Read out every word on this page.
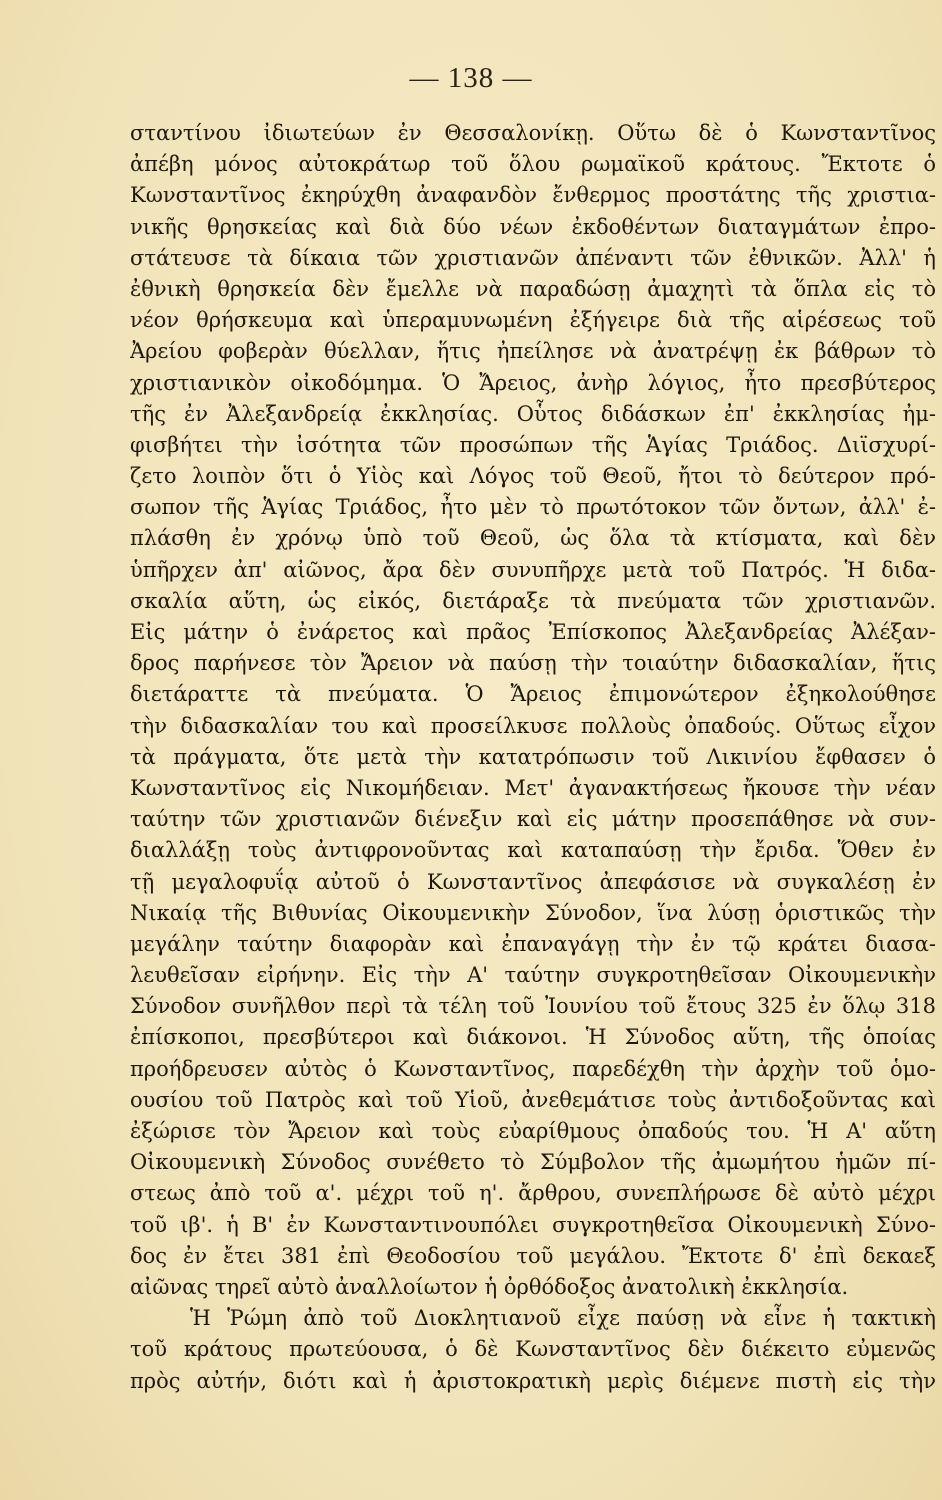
— 138 —
σταντίνου ἰδιωτεύων ἐν Θεσσαλονίκῃ. Οὕτω δὲ ὁ Κωνσταντῖνος
ἀπέβη μόνος αὐτοκράτωρ τοῦ ὅλου ρωμαϊκοῦ κράτους. Ἔκτοτε ὁ
Κωνσταντῖνος ἐκηρύχθη ἀναφανδὸν ἔνθερμος προστάτης τῆς χριστια-
νικῆς θρησκείας καὶ διὰ δύο νέων ἐκδοθέντων διαταγμάτων ἐπρο-
στάτευσε τὰ δίκαια τῶν χριστιανῶν ἀπέναντι τῶν ἐθνικῶν. Ἀλλ' ἡ
ἐθνικὴ θρησκεία δὲν ἔμελλε νὰ παραδώσῃ ἀμαχητὶ τὰ ὅπλα εἰς τὸ
νέον θρήσκευμα καὶ ὑπεραμυνωμένη ἐξήγειρε διὰ τῆς αἱρέσεως τοῦ
Ἀρείου φοβερὰν θύελλαν, ἥτις ἠπείλησε νὰ ἀνατρέψῃ ἐκ βάθρων τὸ
χριστιανικὸν οἰκοδόμημα. Ὁ Ἄρειος, ἀνὴρ λόγιος, ἦτο πρεσβύτερος
τῆς ἐν Ἀλεξανδρείᾳ ἐκκλησίας. Οὗτος διδάσκων ἐπ' ἐκκλησίας ἠμ-
φισβήτει τὴν ἰσότητα τῶν προσώπων τῆς Ἁγίας Τριάδος. Διϊσχυρί-
ζετο λοιπὸν ὅτι ὁ Υἱὸς καὶ Λόγος τοῦ Θεοῦ, ἤτοι τὸ δεύτερον πρό-
σωπον τῆς Ἁγίας Τριάδος, ἦτο μὲν τὸ πρωτότοκον τῶν ὄντων, ἀλλ' ἐ-
πλάσθη ἐν χρόνῳ ὑπὸ τοῦ Θεοῦ, ὡς ὅλα τὰ κτίσματα, καὶ δὲν
ὑπῆρχεν ἀπ' αἰῶνος, ἄρα δὲν συνυπῆρχε μετὰ τοῦ Πατρός. Ἡ διδα-
σκαλία αὕτη, ὡς εἰκός, διετάραξε τὰ πνεύματα τῶν χριστιανῶν.
Εἰς μάτην ὁ ἐνάρετος καὶ πρᾶος Ἐπίσκοπος Ἀλεξανδρείας Ἀλέξαν-
δρος παρήνεσε τὸν Ἄρειον νὰ παύσῃ τὴν τοιαύτην διδασκαλίαν, ἥτις
διετάραττε τὰ πνεύματα. Ὁ Ἄρειος ἐπιμονώτερον ἐξηκολούθησε
τὴν διδασκαλίαν του καὶ προσείλκυσε πολλοὺς ὀπαδούς. Οὕτως εἶχον
τὰ πράγματα, ὅτε μετὰ τὴν κατατρόπωσιν τοῦ Λικινίου ἔφθασεν ὁ
Κωνσταντῖνος εἰς Νικομήδειαν. Μετ' ἀγανακτήσεως ἤκουσε τὴν νέαν
ταύτην τῶν χριστιανῶν διένεξιν καὶ εἰς μάτην προσεπάθησε νὰ συν-
διαλλάξῃ τοὺς ἀντιφρονοῦντας καὶ καταπαύσῃ τὴν ἔριδα. Ὅθεν ἐν
τῇ μεγαλοφυΐᾳ αὐτοῦ ὁ Κωνσταντῖνος ἀπεφάσισε νὰ συγκαλέσῃ ἐν
Νικαίᾳ τῆς Βιθυνίας Οἰκουμενικὴν Σύνοδον, ἵνα λύσῃ ὁριστικῶς τὴν
μεγάλην ταύτην διαφορὰν καὶ ἐπαναγάγῃ τὴν ἐν τῷ κράτει διασα-
λευθεῖσαν εἰρήνην. Εἰς τὴν Α' ταύτην συγκροτηθεῖσαν Οἰκουμενικὴν
Σύνοδον συνῆλθον περὶ τὰ τέλη τοῦ Ἰουνίου τοῦ ἔτους 325 ἐν ὅλῳ 318
ἐπίσκοποι, πρεσβύτεροι καὶ διάκονοι. Ἡ Σύνοδος αὕτη, τῆς ὁποίας
προήδρευσεν αὐτὸς ὁ Κωνσταντῖνος, παρεδέχθη τὴν ἀρχὴν τοῦ ὁμο-
ουσίου τοῦ Πατρὸς καὶ τοῦ Υἱοῦ, ἀνεθεμάτισε τοὺς ἀντιδοξοῦντας καὶ
ἐξώρισε τὸν Ἄρειον καὶ τοὺς εὐαρίθμους ὀπαδούς του. Ἡ Α' αὕτη
Οἰκουμενικὴ Σύνοδος συνέθετο τὸ Σύμβολον τῆς ἀμωμήτου ἡμῶν πί-
στεως ἀπὸ τοῦ α'. μέχρι τοῦ η'. ἄρθρου, συνεπλήρωσε δὲ αὐτὸ μέχρι
τοῦ ιβ'. ἡ Β' ἐν Κωνσταντινουπόλει συγκροτηθεῖσα Οἰκουμενικὴ Σύνο-
δος ἐν ἔτει 381 ἐπὶ Θεοδοσίου τοῦ μεγάλου. Ἔκτοτε δ' ἐπὶ δεκαεξ
αἰῶνας τηρεῖ αὐτὸ ἀναλλοίωτον ἡ ὀρθόδοξος ἀνατολικὴ ἐκκλησία.
Ἡ Ῥώμη ἀπὸ τοῦ Διοκλητιανοῦ εἶχε παύσῃ νὰ εἶνε ἡ τακτικὴ
τοῦ κράτους πρωτεύουσα, ὁ δὲ Κωνσταντῖνος δὲν διέκειτο εὐμενῶς
πρὸς αὐτήν, διότι καὶ ἡ ἀριστοκρατικὴ μερὶς διέμενε πιστὴ εἰς τὴν
